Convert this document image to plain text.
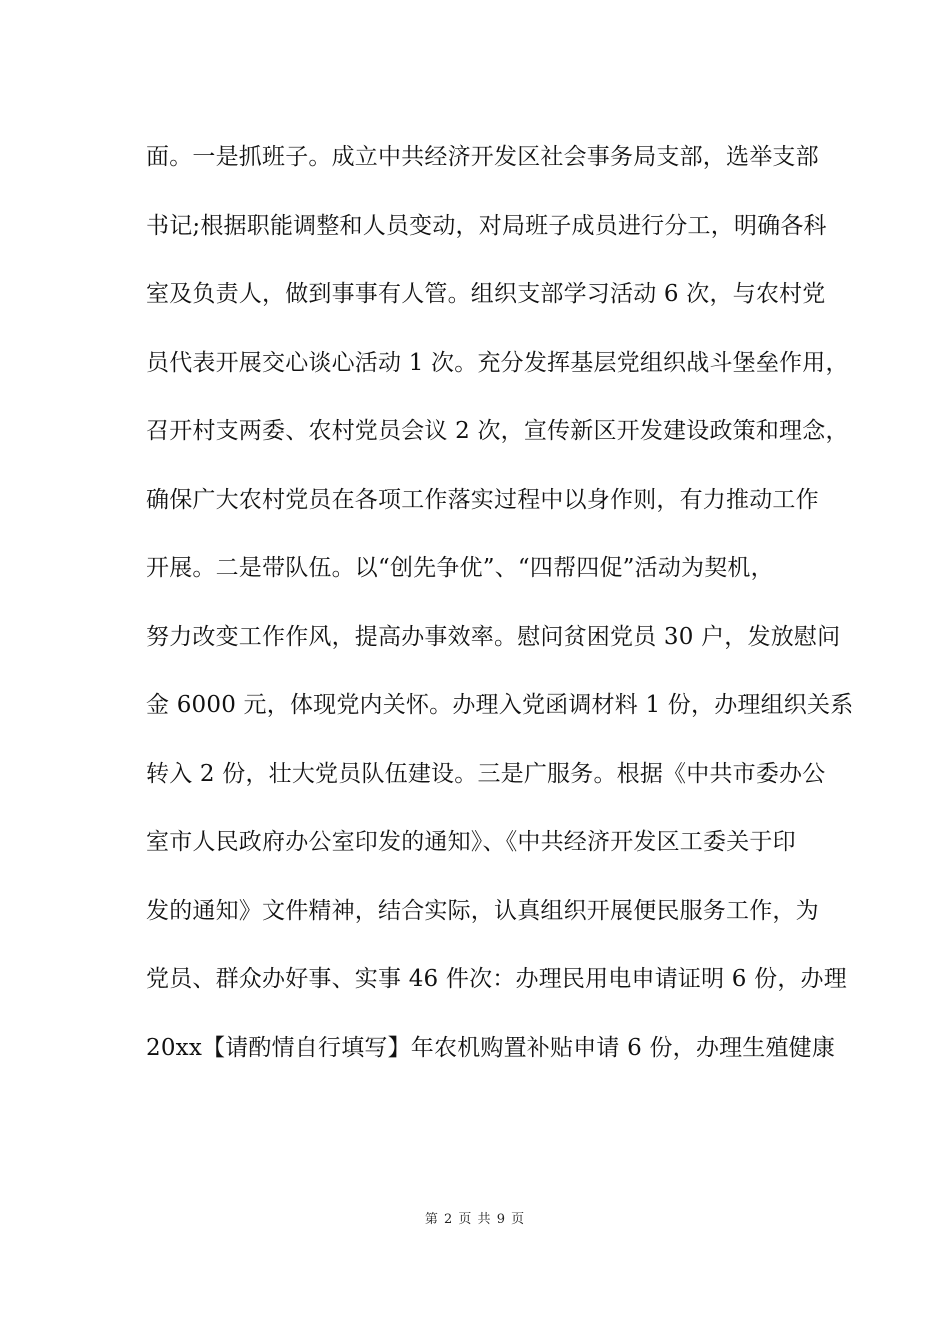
面。一是抓班子。成立中共经济开发区社会事务局支部，选举支部
书记;根据职能调整和人员变动，对局班子成员进行分工，明确各科
室及负责人，做到事事有人管。组织支部学习活动 6 次，与农村党
员代表开展交心谈心活动 1 次。充分发挥基层党组织战斗堡垒作用，
召开村支两委、农村党员会议 2 次，宣传新区开发建设政策和理念，
确保广大农村党员在各项工作落实过程中以身作则，有力推动工作
开展。二是带队伍。以“创先争优”、“四帮四促”活动为契机，
努力改变工作作风，提高办事效率。慰问贫困党员 30 户，发放慰问
金 6000 元，体现党内关怀。办理入党函调材料 1 份，办理组织关系
转入 2 份，壮大党员队伍建设。三是广服务。根据《中共市委办公
室市人民政府办公室印发的通知》、《中共经济开发区工委关于印
发的通知》文件精神，结合实际，认真组织开展便民服务工作，为
党员、群众办好事、实事 46 件次：办理民用电申请证明 6 份，办理
20xx【请酌情自行填写】年农机购置补贴申请 6 份，办理生殖健康
第 2 页 共 9 页
